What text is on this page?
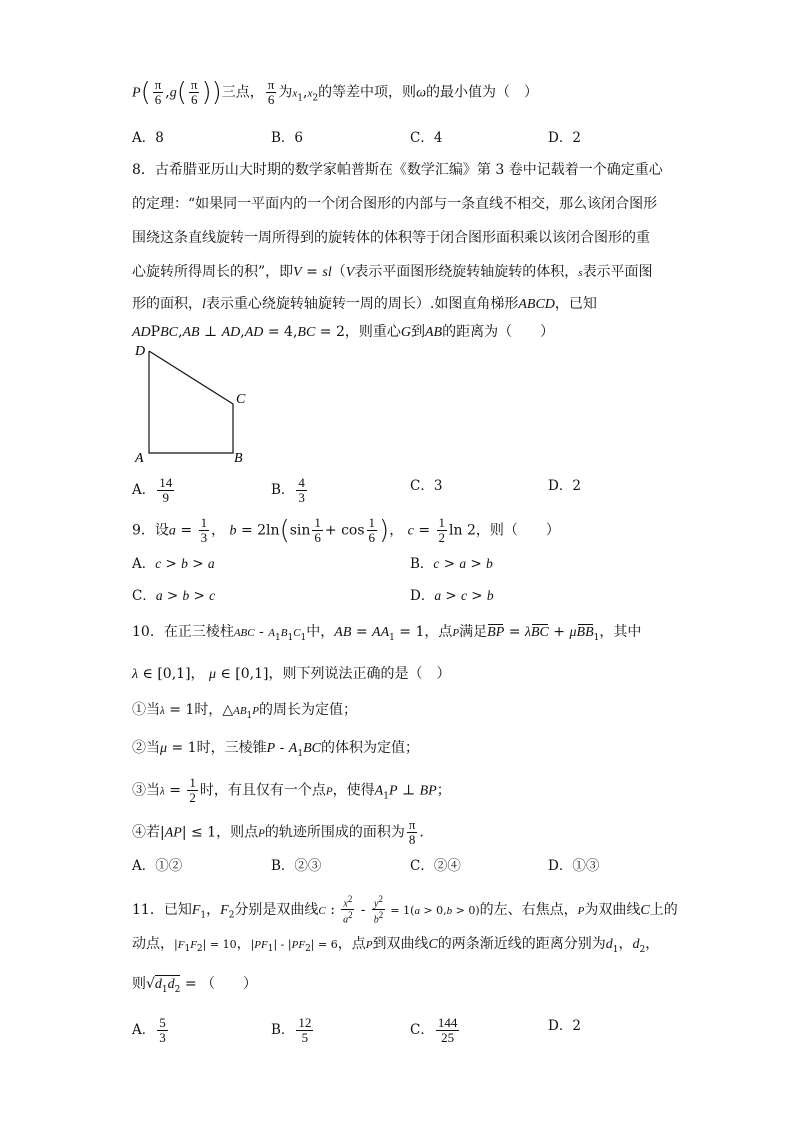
$P( \frac{\pi}{6} ,g( \frac{\pi}{6}$ ))三点， $\frac{\pi}{6}$ 为$x_1,x_2$的等差中项，则ω的最小值为（　）
A．8	B．6	C．4	D．2
8．古希腊亚历山大时期的数学家帕普斯在《数学汇编》第 3 卷中记载着一个确定重心
的定理：“如果同一平面内的一个闭合图形的内部与一条直线不相交，那么该闭合图形
围绕这条直线旋转一周所得到的旋转体的体积等于闭合图形面积乘以该闭合图形的重
心旋转所得周长的积”，即V = sl（V表示平面图形绕旋转轴旋转的体积，s表示平面图
形的面积，l表示重心绕旋转轴旋转一周的周长）.如图直角梯形ABCD，已知
ADPBC,AB ⊥ AD,AD = 4,BC = 2，则重心G到AB的距离为（　　）
D
C
A	B
A． $\frac{14}{9}$	B． $\frac{4}{3}$	C．3	D．2
9．设$a = \frac{1}{3}$ ， $b = 2\ln(\sin \frac{1}{6} + \cos \frac{1}{6}$ )， $c = \frac{1}{2}$ ln 2，则（　　）
A．c > b > a	B．c > a > b
C．a > b > c	D．a > c > b
10．在正三棱柱ABC - $A_1B_1C_1$中，AB = $AA_1 = 1$，点P满足BP = λBC + μBB$_1$，其中
λ ∈ [0,1]， μ ∈ [0,1]，则下列说法正确的是（　）
①当λ = 1时，$\triangle AB_1P$的周长为定值；
②当μ = 1时，三棱锥P - $A_1BC$的体积为定值；
③当$\lambda = \frac{1}{2}$ 时，有且仅有一个点P，使得$A_1P$ ⊥ BP；
④若|AP| ≤ 1，则点P的轨迹所围成的面积为 $\frac{\pi}{8}$ .
A．①②	B．②③	C．②④	D．①③
11．已知$F_1$，$F_2$分别是双曲线C : $\frac{x^2}{a^2} - \frac{y^2}{b^2} = 1(a > 0,b > 0)$的左、右焦点，P为双曲线C上的
动点，$|F_1F_2| = 10$，$|PF_1| - |PF_2| = 6$，点P到双曲线C的两条渐近线的距离分别为$d_1$，$d_2$，
则$√d_1d_2$ = （　　）
A． $\frac{5}{3}$	B． $\frac{12}{5}$	C． $\frac{144}{25}$	D．2
